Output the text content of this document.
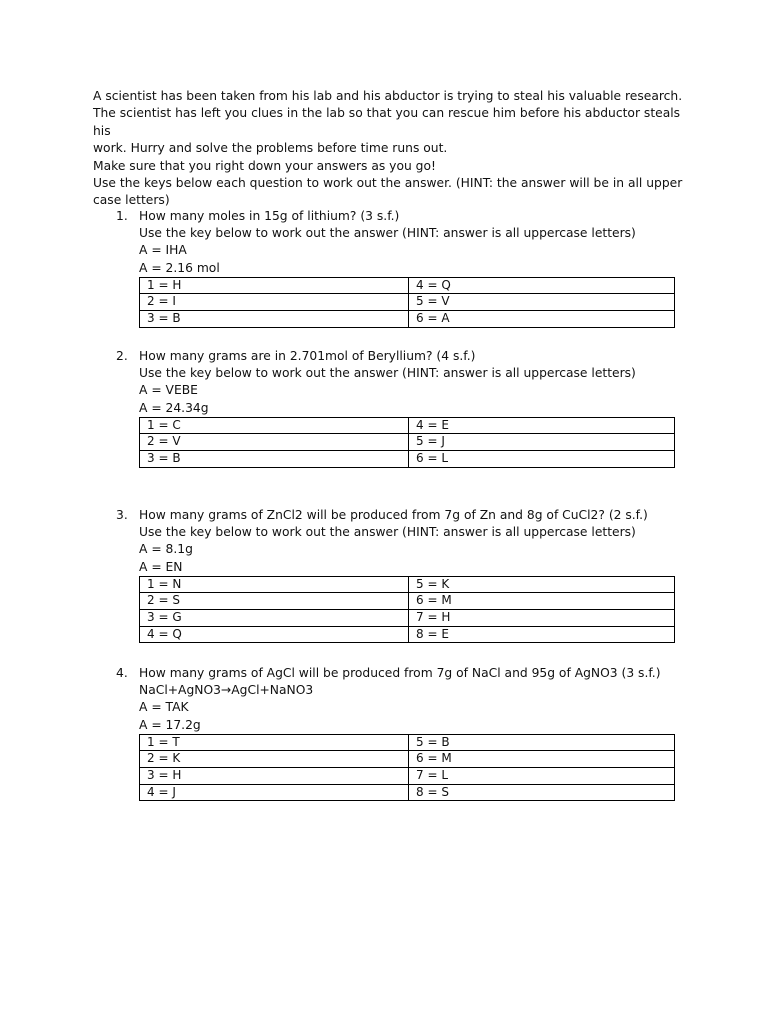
A scientist has been taken from his lab and his abductor is trying to steal his valuable research.

The scientist has left you clues in the lab so that you can rescue him before his abductor steals his

work. Hurry and solve the problems before time runs out.

Make sure that you right down your answers as you go!

Use the keys below each question to work out the answer. (HINT: the answer will be in all upper

case letters)

1. How many moles in 15g of lithium? (3 s.f.)
Use the key below to work out the answer (HINT: answer is all uppercase letters)
A = IHA
A = 2.16 mol
1 = H	4 = Q
2 = I	5 = V
3 = B	6 = A
2. How many grams are in 2.701mol of Beryllium? (4 s.f.)
Use the key below to work out the answer (HINT: answer is all uppercase letters)
A = VEBE
A = 24.34g
1 = C	4 = E
2 = V	5 = J
3 = B	6 = L
3. How many grams of ZnCl2 will be produced from 7g of Zn and 8g of CuCl2? (2 s.f.)
Use the key below to work out the answer (HINT: answer is all uppercase letters)
A = 8.1g
A = EN
1 = N	5 = K
2 = S	6 = M
3 = G	7 = H
4 = Q	8 = E
4. How many grams of AgCl will be produced from 7g of NaCl and 95g of AgNO3 (3 s.f.)
NaCl+AgNO3→AgCl+NaNO3
A = TAK
A = 17.2g
1 = T	5 = B
2 = K	6 = M
3 = H	7 = L
4 = J	8 = S
